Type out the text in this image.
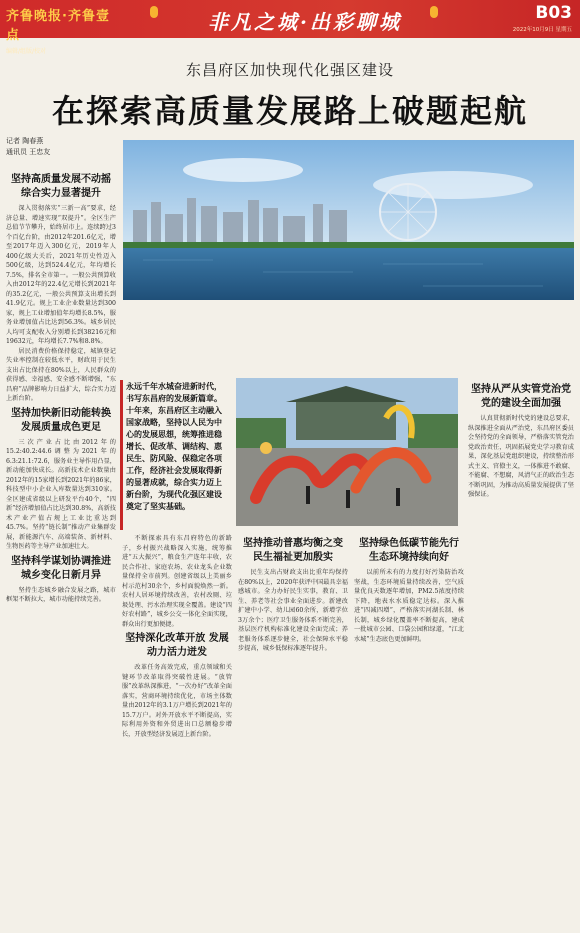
齐鲁晚报·齐鲁壹点
编辑/组版/校对
非凡之城·出彩聊城	B03
2022年10月9日 星期五
东昌府区加快现代化强区建设
在探索高质量发展路上破题起航
记者 陶春燕
通讯员 王忠友
永远千年水城奋进新时代，书写东昌府的发展新篇章。十年来，东昌府区主动融入国家战略，坚持以人民为中心的发展思想，统筹推进稳增长、促改革、调结构、惠民生、防风险、保稳定各项工作，经济社会发展取得新的显著成就，综合实力迈上新台阶，为现代化强区建设奠定了坚实基础。
坚持高质量发展不动摇 综合实力显著提升

深入贯彻落实“三新一高”要求，经济总量、增速实现“双提升”。全区生产总值节节攀升，始终居市上。连续跨过3个百亿台阶，由2012年201.6亿元，增至2017年迈入300亿元，2019年人400亿级大关后，2021年历史性迈入500亿级，达到524.4亿元，年均增长7.5%，排名全市第一。一般公共预算收入由2012年的22.4亿元增长到2021年的35.2亿元，一般公共预算支出增长到41.9亿元。规上工业企业数量达到300家，规上工业增加值年均增长8.5%，服务业增加值占比达到56.3%。城乡居民人均可支配收入分别增长到38216元和19632元，年均增长7.7%和8.8%。

居民消费价格保持稳定，城镇登记失业率控制在较低水平，财政用于民生支出占比保持在80%以上，人民群众的获得感、幸福感、安全感不断增强，“东昌府”品牌影响力日益扩大，综合实力迈上新台阶。

坚持加快新旧动能转换 发展质量成色更足

三次产业占比由2012年的15.2:40.2:44.6调整为2021年的6.3:21.1:72.6，服务业主导作用凸显，新动能加快成长。高新技术企业数量由2012年的15家增长到2021年的86家，科技型中小企业入库数量达到310家。全区建成省级以上研发平台40个，“四新”经济增加值占比达到30.8%，高新技术产业产值占规上工业比重达到45.7%。坚持“链长制”推动产业集群发展，新能源汽车、高端装备、新材料、生物医药等主导产业加速壮大。

坚持科学谋划协调推进 城乡变化日新月异

坚持生态城乡融合发展之路，城市框架不断拉大，城市功能持续完善。

不断探索具有东昌府特色的新路子，乡村振兴战略深入实施，统筹推进“五大振兴”，粮食生产连年丰收，农民合作社、家庭农场、农业龙头企业数量保持全市前列。创建省级以上美丽乡村示范村30余个，乡村面貌焕然一新。农村人居环境持续改善，农村改厕、垃圾处理、污水治理实现全覆盖。建设“四好农村路”，城乡公交一体化全面实现，群众出行更加便捷。

坚持深化改革开放 发展动力活力迸发

改革任务高效完成，重点领域和关键环节改革取得突破性进展。“放管服”改革纵深推进，“一次办好”改革全面落实，营商环境持续优化，市场主体数量由2012年的3.1万户增长到2021年的15.7万户。对外开放水平不断提高，实际利用外资和外贸进出口总额稳步增长，开放型经济发展迈上新台阶。

坚持推动普惠均衡之变 民生福祉更加殷实

民生支出占财政支出比重年均保持在80%以上，2020年获评中国最具幸福感城市。全力办好民生实事，教育、卫生、养老等社会事业全面进步。新建改扩建中小学、幼儿园60余所，新增学位3万余个；医疗卫生服务体系不断完善，基层医疗机构标准化建设全面完成；养老服务体系逐步健全，社会保障水平稳步提高，城乡低保标准逐年提升。

坚持绿色低碳节能先行 生态环境持续向好

以前所未有的力度打好污染防治攻坚战，生态环境质量持续改善，空气质量优良天数逐年增加，PM2.5浓度持续下降，地表水水质稳定达标。深入推进“四减四增”，严格落实河湖长制、林长制，城乡绿化覆盖率不断提高，建成一批城市公园、口袋公园和绿道，“江北水城”生态底色更加鲜明。

坚持从严从实管党治党 党的建设全面加强

认真贯彻新时代党的建设总要求，纵深推进全面从严治党，东昌府区委员会坚持党的全面领导，严格落实管党治党政治责任，巩固拓展党史学习教育成果，深化基层党组织建设，持续整治形式主义、官僚主义，一体推进不敢腐、不能腐、不想腐，风清气正的政治生态不断巩固，为推动高质量发展提供了坚强保证。
